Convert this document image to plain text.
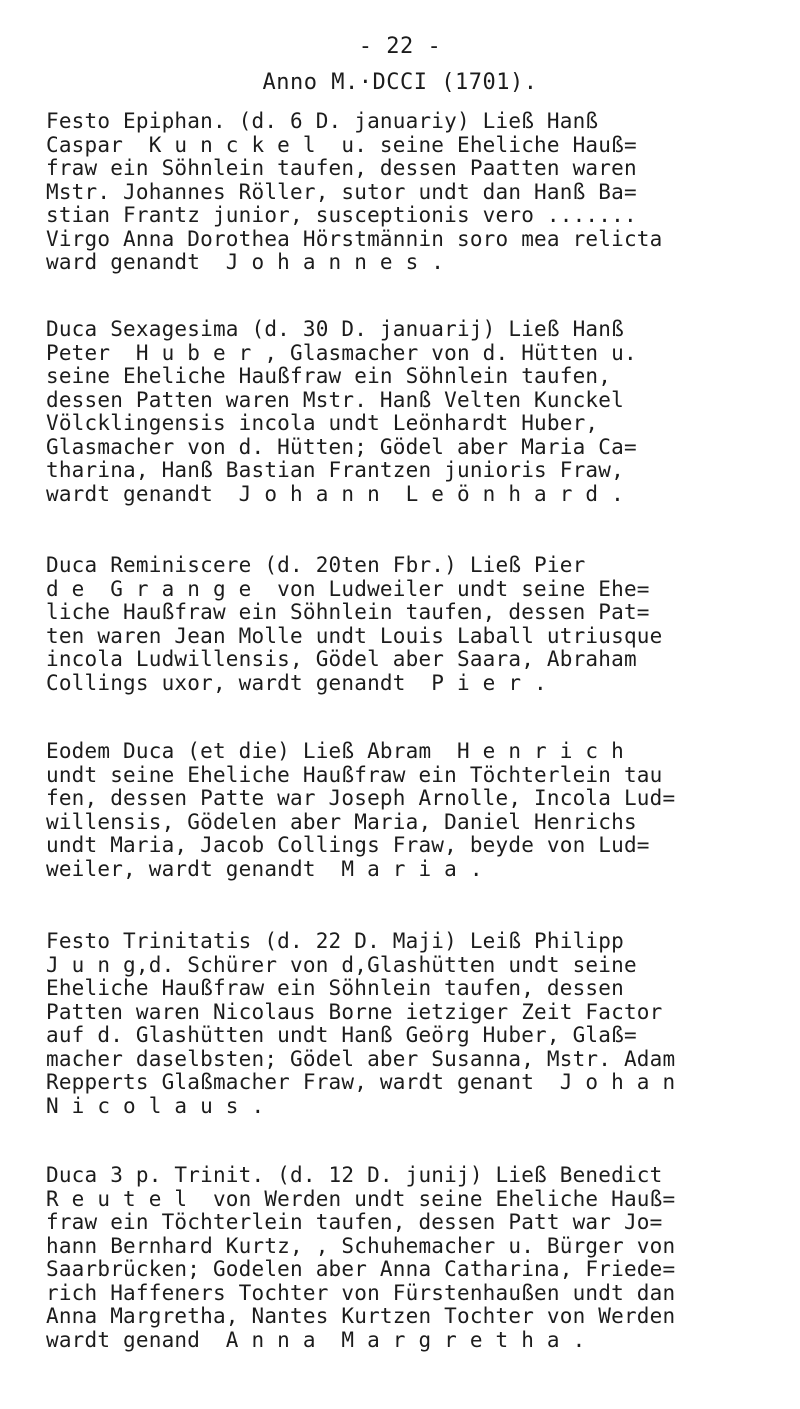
- 22 -
Anno M.·DCCI (1701).
Festo Epiphan. (d. 6 D. januariy) Ließ Hanß
Caspar  K u n c k e l  u. seine Eheliche Hauß=
fraw ein Söhnlein taufen, dessen Paatten waren
Mstr. Johannes Röller, sutor undt dan Hanß Ba=
stian Frantz junior, susceptionis vero .......
Virgo Anna Dorothea Hörstmännin soro mea relicta
ward genandt  J o h a n n e s .
Duca Sexagesima (d. 30 D. januarij) Ließ Hanß
Peter  H u b e r , Glasmacher von d. Hütten u.
seine Eheliche Haußfraw ein Söhnlein taufen,
dessen Patten waren Mstr. Hanß Velten Kunckel
Völcklingensis incola undt Leönhardt Huber,
Glasmacher von d. Hütten; Gödel aber Maria Ca=
tharina, Hanß Bastian Frantzen junioris Fraw,
wardt genandt  J o h a n n  L e ö n h a r d .
Duca Reminiscere (d. 20ten Fbr.) Ließ Pier
d e  G r a n g e  von Ludweiler undt seine Ehe=
liche Haußfraw ein Söhnlein taufen, dessen Pat=
ten waren Jean Molle undt Louis Laball utriusque
incola Ludwillensis, Gödel aber Saara, Abraham
Collings uxor, wardt genandt  P i e r .
Eodem Duca (et die) Ließ Abram  H e n r i c h
undt seine Eheliche Haußfraw ein Töchterlein tau
fen, dessen Patte war Joseph Arnolle, Incola Lud=
willensis, Gödelen aber Maria, Daniel Henrichs
undt Maria, Jacob Collings Fraw, beyde von Lud=
weiler, wardt genandt  M a r i a .
Festo Trinitatis (d. 22 D. Maji) Leiß Philipp
J u n g,d. Schürer von d,Glashütten undt seine
Eheliche Haußfraw ein Söhnlein taufen, dessen
Patten waren Nicolaus Borne ietziger Zeit Factor
auf d. Glashütten undt Hanß Geörg Huber, Glaß=
macher daselbsten; Gödel aber Susanna, Mstr. Adam
Repperts Glaßmacher Fraw, wardt genant  J o h a n
N i c o l a u s .
Duca 3 p. Trinit. (d. 12 D. junij) Ließ Benedict
R e u t e l  von Werden undt seine Eheliche Hauß=
fraw ein Töchterlein taufen, dessen Patt war Jo=
hann Bernhard Kurtz, , Schuhemacher u. Bürger von
Saarbrücken; Godelen aber Anna Catharina, Friede=
rich Haffeners Tochter von Fürstenhaußen undt dan
Anna Margretha, Nantes Kurtzen Tochter von Werden
wardt genand  A n n a  M a r g r e t h a .
